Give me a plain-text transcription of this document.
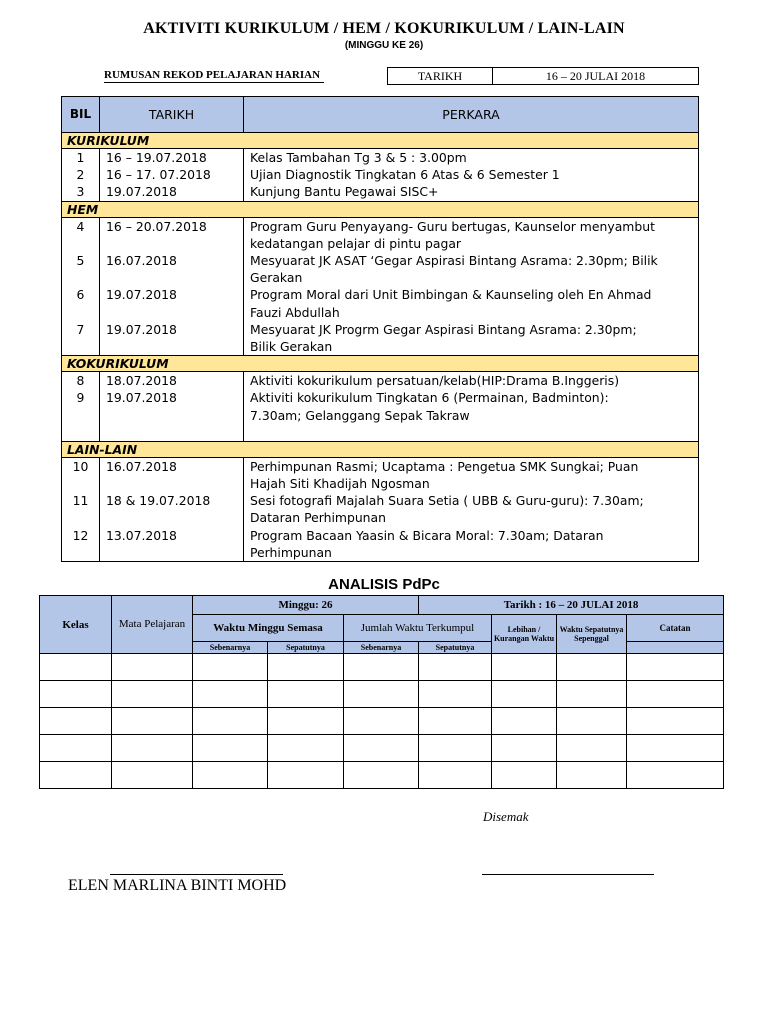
AKTIVITI KURIKULUM / HEM / KOKURIKULUM / LAIN-LAIN
(MINGGU KE 26)
RUMUSAN REKOD PELAJARAN HARIAN	TARIKH	16 – 20 JULAI 2018
BIL	TARIKH	PERKARA
KURIKULUM		
1	16 – 19.07.2018	Kelas Tambahan Tg 3 & 5 : 3.00pm

2	16 – 17. 07.2018	Ujian Diagnostik Tingkatan 6 Atas & 6 Semester 1

3	19.07.2018	Kunjung Bantu Pegawai SISC+

HEM		
4	16 – 20.07.2018	Program Guru Penyayang- Guru bertugas, Kaunselor menyambut
kedatangan pelajar di pintu pagar

5	16.07.2018	Mesyuarat JK ASAT ‘Gegar Aspirasi Bintang Asrama: 2.30pm; Bilik
Gerakan

6	19.07.2018	Program Moral dari Unit Bimbingan & Kaunseling oleh En Ahmad
Fauzi Abdullah

7	19.07.2018	Mesyuarat JK Progrm Gegar Aspirasi Bintang Asrama: 2.30pm;
Bilik Gerakan

KOKURIKULUM		
8	18.07.2018	Aktiviti kokurikulum persatuan/kelab(HIP:Drama B.Inggeris)

9	19.07.2018	Aktiviti kokurikulum Tingkatan 6 (Permainan, Badminton):
7.30am; Gelanggang Sepak Takraw

LAIN-LAIN		
10	16.07.2018	Perhimpunan Rasmi; Ucaptama : Pengetua SMK Sungkai; Puan
Hajah Siti Khadijah Ngosman

11	18 & 19.07.2018	Sesi fotografi Majalah Suara Setia ( UBB & Guru-guru): 7.30am;
Dataran Perhimpunan

12	13.07.2018	Program Bacaan Yaasin & Bicara Moral: 7.30am; Dataran
Perhimpunan
ANALISIS PdPc
Kelas	Mata Pelajaran	Minggu: 26			Tarikh : 16 – 20 JULAI 2018			
		Waktu Minggu Semasa		Jumlah Waktu Terkumpul		Lebihan / Kurangan Waktu	Waktu Sepatutnya Sepenggal	Catatan
		Sebenarnya	Sepatutnya	Sebenarnya	Sepatutnya			

Disemak
ELEN MARLINA BINTI MOHD
